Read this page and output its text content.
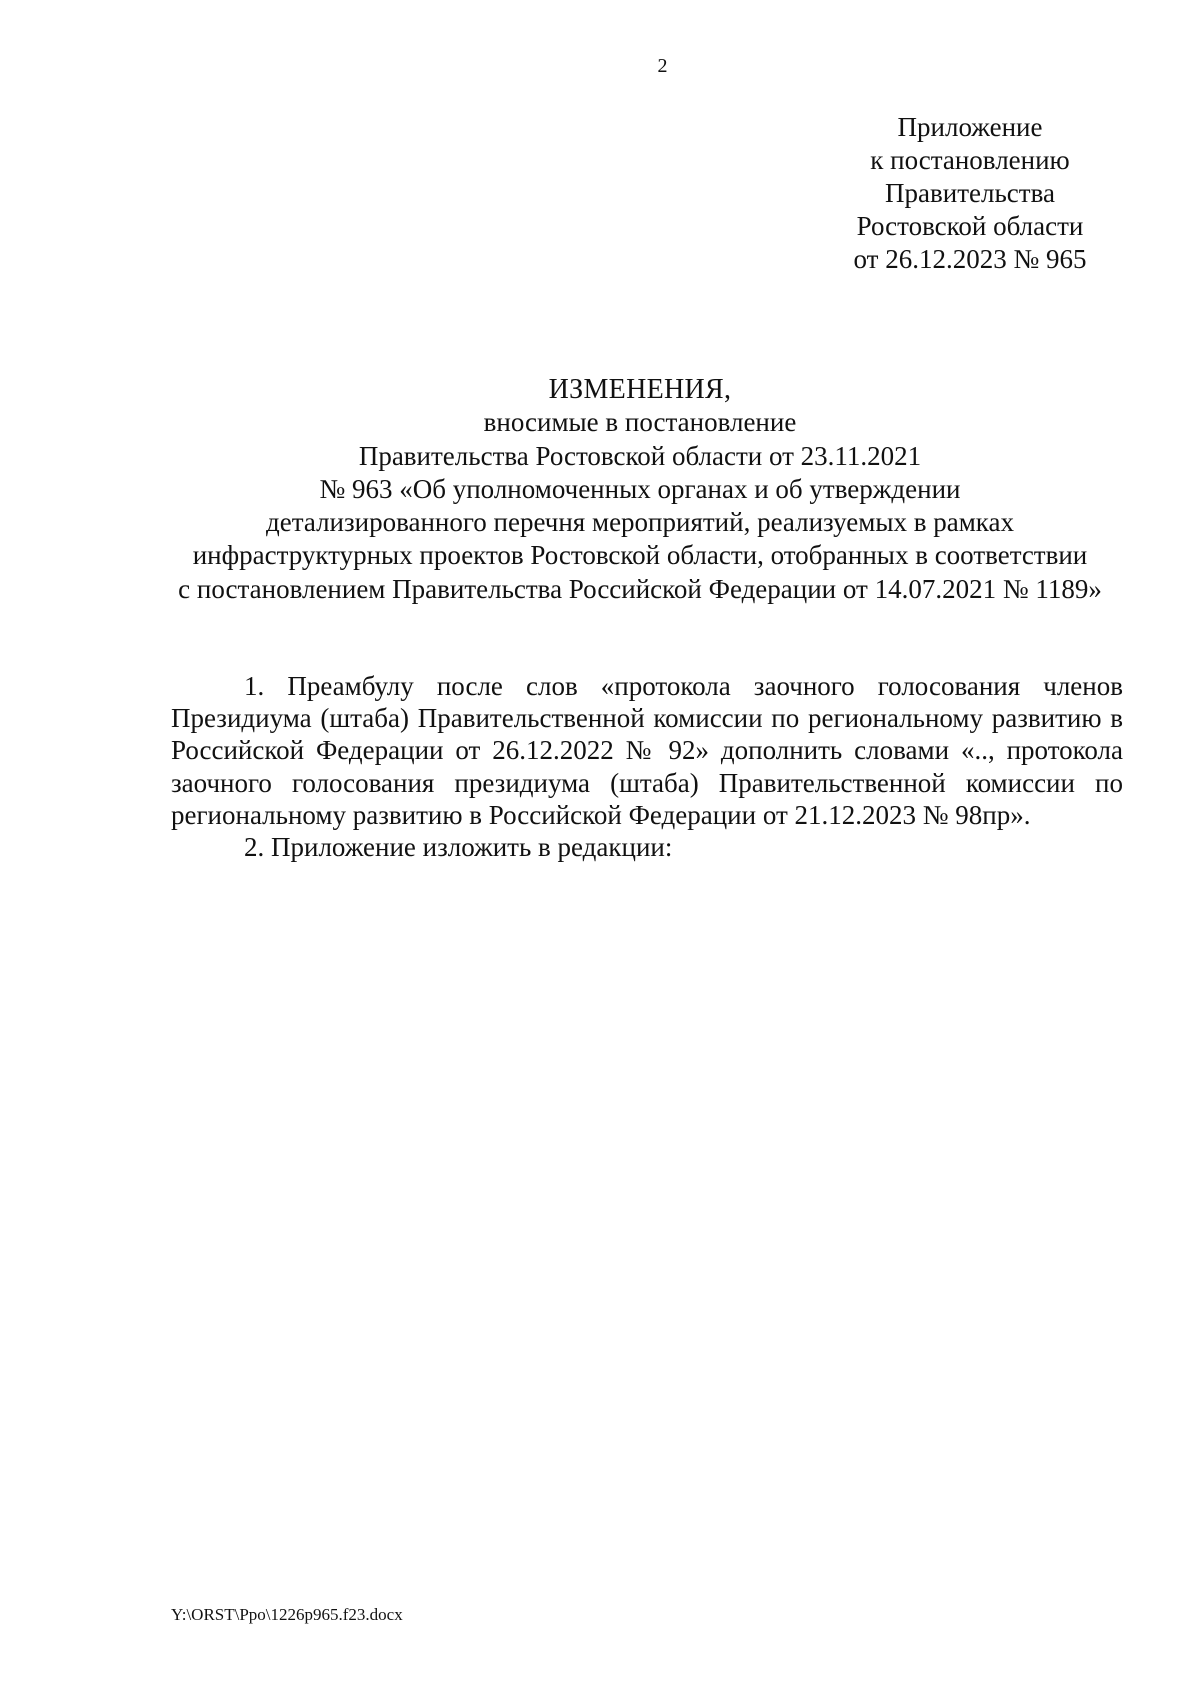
2
Приложение
к постановлению
Правительства
Ростовской области
от 26.12.2023 № 965
ИЗМЕНЕНИЯ,
вносимые в постановление
Правительства Ростовской области от 23.11.2021
№ 963 «Об уполномоченных органах и об утверждении
детализированного перечня мероприятий, реализуемых в рамках
инфраструктурных проектов Ростовской области, отобранных в соответствии
с постановлением Правительства Российской Федерации от 14.07.2021 № 1189»

1. Преамбулу после слов «протокола заочного голосования членов Президиума (штаба) Правительственной комиссии по региональному развитию в Российской Федерации от 26.12.2022 № 92» дополнить словами «.., протокола заочного голосования президиума (штаба) Правительственной комиссии по региональному развитию в Российской Федерации от 21.12.2023 № 98пр».

2. Приложение изложить в редакции:

Y:\ORST\Ppo\1226p965.f23.docx
